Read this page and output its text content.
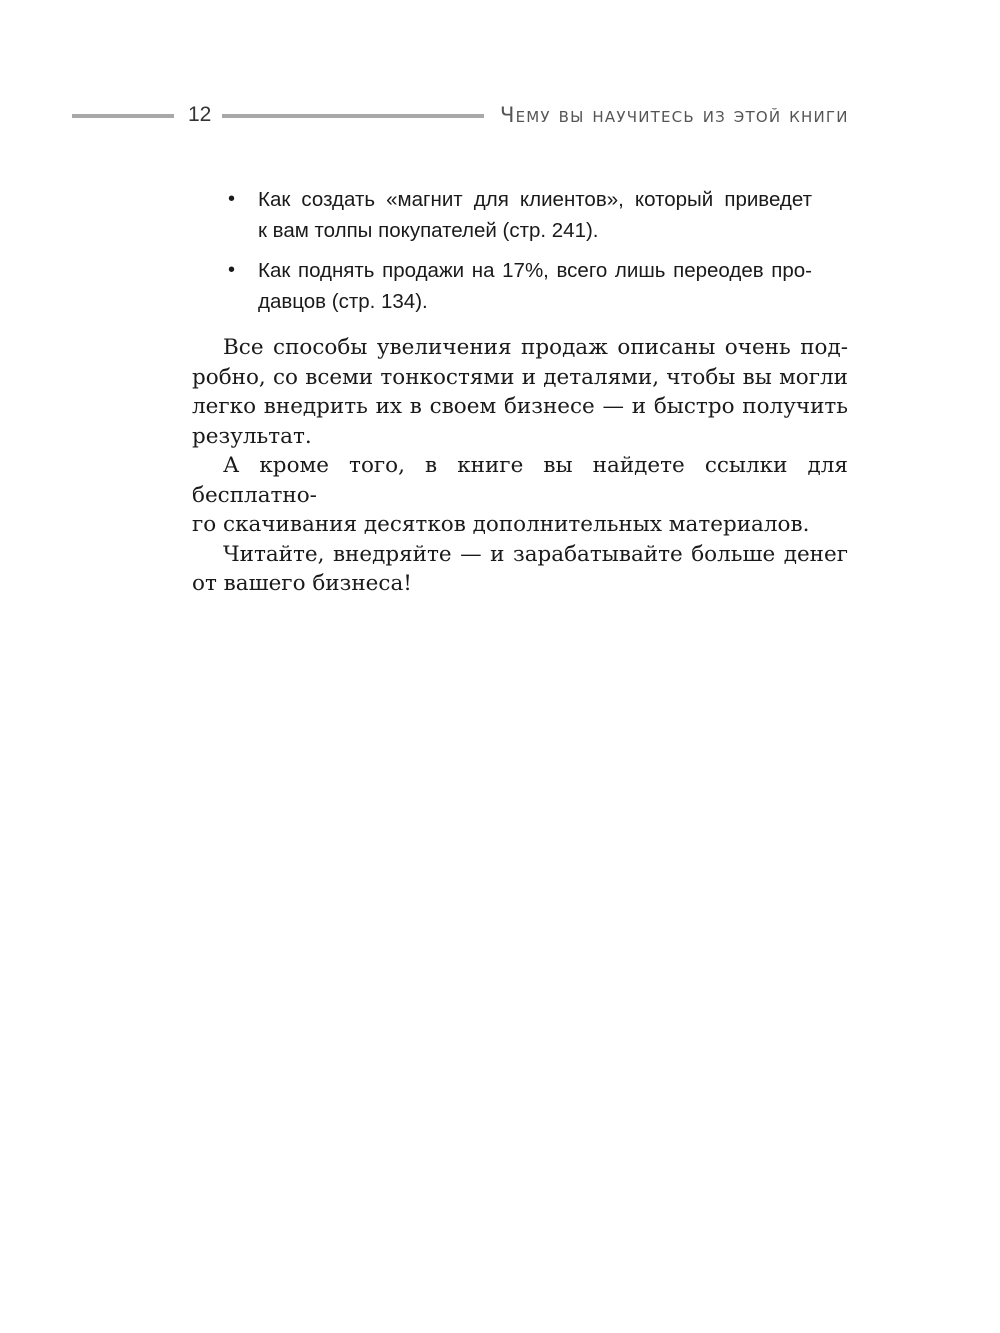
12	Чему вы научитесь из этой книги
• Как создать «магнит для клиентов», который приведет
к вам толпы покупателей (стр. 241).
• Как поднять продажи на 17%, всего лишь переодев про-
давцов (стр. 134).

Все способы увеличения продаж описаны очень под-
робно, со всеми тонкостями и деталями, чтобы вы могли
легко внедрить их в своем бизнесе — и быстро получить
результат.

А кроме того, в книге вы найдете ссылки для бесплатно-
го скачивания десятков дополнительных материалов.

Читайте, внедряйте — и зарабатывайте больше денег
от вашего бизнеса!
